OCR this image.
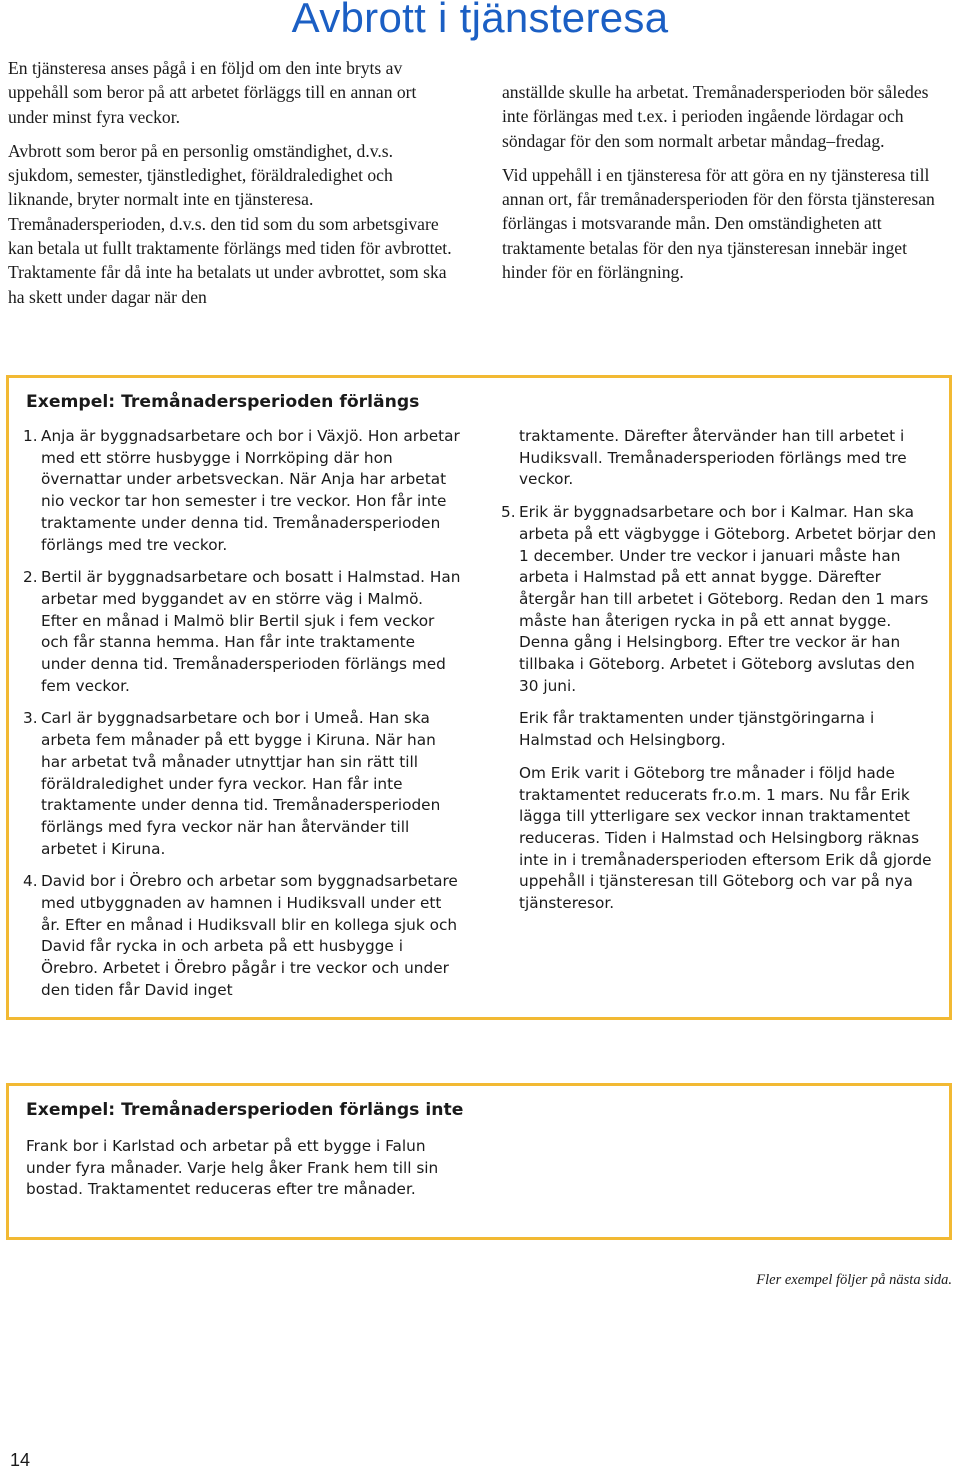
Avbrott i tjänsteresa

En tjänsteresa anses pågå i en följd om den inte bryts av uppehåll som beror på att arbetet förläggs till en annan ort under minst fyra veckor.

Avbrott som beror på en personlig omständighet, d.v.s. sjukdom, semester, tjänstledighet, föräldraledighet och liknande, bryter normalt inte en tjänsteresa. Tremånadersperioden, d.v.s. den tid som du som arbetsgivare kan betala ut fullt traktamente förlängs med tiden för avbrottet. Traktamente får då inte ha betalats ut under avbrottet, som ska ha skett under dagar när den

anställde skulle ha arbetat. Tremånadersperioden bör således inte förlängas med t.ex. i perioden ingående lördagar och söndagar för den som normalt arbetar måndag–fredag.

Vid uppehåll i en tjänsteresa för att göra en ny tjänsteresa till annan ort, får tremånadersperioden för den första tjänsteresan förlängas i motsvarande mån. Den omständigheten att traktamente betalas för den nya tjänsteresan innebär inget hinder för en förlängning.

Exempel: Tremånadersperioden förlängs
1. Anja är byggnadsarbetare och bor i Växjö. Hon arbetar med ett större husbygge i Norrköping där hon övernattar under arbetsveckan. När Anja har arbetat nio veckor tar hon semester i tre veckor. Hon får inte traktamente under denna tid. Tremånadersperioden förlängs med tre veckor.
2. Bertil är byggnadsarbetare och bosatt i Halmstad. Han arbetar med byggandet av en större väg i Malmö. Efter en månad i Malmö blir Bertil sjuk i fem veckor och får stanna hemma. Han får inte traktamente under denna tid. Tremånadersperioden förlängs med fem veckor.
3. Carl är byggnadsarbetare och bor i Umeå. Han ska arbeta fem månader på ett bygge i Kiruna. När han har arbetat två månader utnyttjar han sin rätt till föräldraledighet under fyra veckor. Han får inte traktamente under denna tid. Tremånadersperioden förlängs med fyra veckor när han återvänder till arbetet i Kiruna.
4. David bor i Örebro och arbetar som byggnadsarbetare med utbyggnaden av hamnen i Hudiksvall under ett år. Efter en månad i Hudiksvall blir en kollega sjuk och David får rycka in och arbeta på ett husbygge i Örebro. Arbetet i Örebro pågår i tre veckor och under den tiden får David inget
traktamente. Därefter återvänder han till arbetet i Hudiksvall. Tremånadersperioden förlängs med tre veckor.
5. Erik är byggnadsarbetare och bor i Kalmar. Han ska arbeta på ett vägbygge i Göteborg. Arbetet börjar den 1 december. Under tre veckor i januari måste han arbeta i Halmstad på ett annat bygge. Därefter återgår han till arbetet i Göteborg. Redan den 1 mars måste han återigen rycka in på ett annat bygge. Denna gång i Helsingborg. Efter tre veckor är han tillbaka i Göteborg. Arbetet i Göteborg avslutas den 30 juni.
Erik får traktamenten under tjänstgöringarna i Halmstad och Helsingborg.
Om Erik varit i Göteborg tre månader i följd hade traktamentet reducerats fr.o.m. 1 mars. Nu får Erik lägga till ytterligare sex veckor innan traktamentet reduceras. Tiden i Halmstad och Helsingborg räknas inte in i tremånadersperioden eftersom Erik då gjorde uppehåll i tjänsteresan till Göteborg och var på nya tjänsteresor.
Exempel: Tremånadersperioden förlängs inte
Frank bor i Karlstad och arbetar på ett bygge i Falun under fyra månader. Varje helg åker Frank hem till sin bostad. Traktamentet reduceras efter tre månader.
Fler exempel följer på nästa sida.
14
